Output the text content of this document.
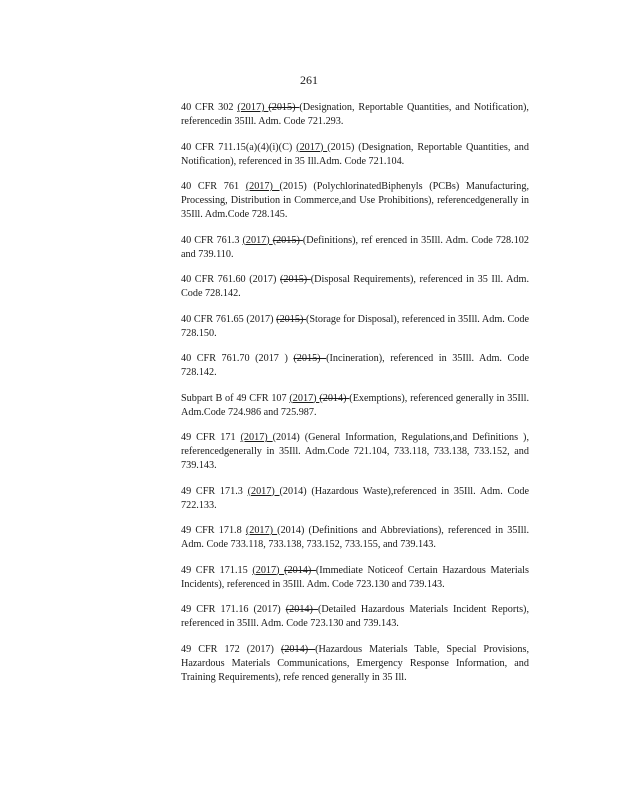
261

40 CFR 302 (2017) (2015) (Designation, Reportable Quantities, and Notification), referencedin 35Ill. Adm. Code 721.293.

40 CFR 711.15(a)(4)(i)(C) (2017) (2015) (Designation, Reportable Quantities, and Notification), referenced in 35 Ill.Adm. Code 721.104.

40 CFR 761 (2017) (2015) (PolychlorinatedBiphenyls (PCBs) Manufacturing, Processing, Distribution in Commerce,and Use Prohibitions), referencedgenerally in 35Ill. Adm.Code 728.145.

40 CFR 761.3 (2017) (2015) (Definitions), ref erenced in 35Ill. Adm. Code 728.102 and 739.110.

40 CFR 761.60 (2017) (2015) (Disposal Requirements), referenced in 35 Ill. Adm. Code 728.142.

40 CFR 761.65 (2017) (2015) (Storage for Disposal), referenced in 35Ill. Adm. Code 728.150.

40 CFR 761.70 (2017 ) (2015) (Incineration), referenced in 35Ill. Adm. Code 728.142.

Subpart B of 49 CFR 107 (2017) (2014) (Exemptions), referenced generally in 35Ill. Adm.Code 724.986 and 725.987.

49 CFR 171 (2017) (2014) (General Information, Regulations,and Definitions ), referencedgenerally in 35Ill. Adm.Code 721.104, 733.118, 733.138, 733.152, and 739.143.

49 CFR 171.3 (2017) (2014) (Hazardous Waste),referenced in 35Ill. Adm. Code 722.133.

49 CFR 171.8 (2017) (2014) (Definitions and Abbreviations), referenced in 35Ill. Adm. Code 733.118, 733.138, 733.152, 733.155, and 739.143.

49 CFR 171.15 (2017) (2014) (Immediate Noticeof Certain Hazardous Materials Incidents), referenced in 35Ill. Adm. Code 723.130 and 739.143.

49 CFR 171.16 (2017) (2014) (Detailed Hazardous Materials Incident Reports), referenced in 35Ill. Adm. Code 723.130 and 739.143.

49 CFR 172 (2017) (2014) (Hazardous Materials Table, Special Provisions, Hazardous Materials Communications, Emergency Response Information, and Training Requirements), refe renced generally in 35 Ill.
